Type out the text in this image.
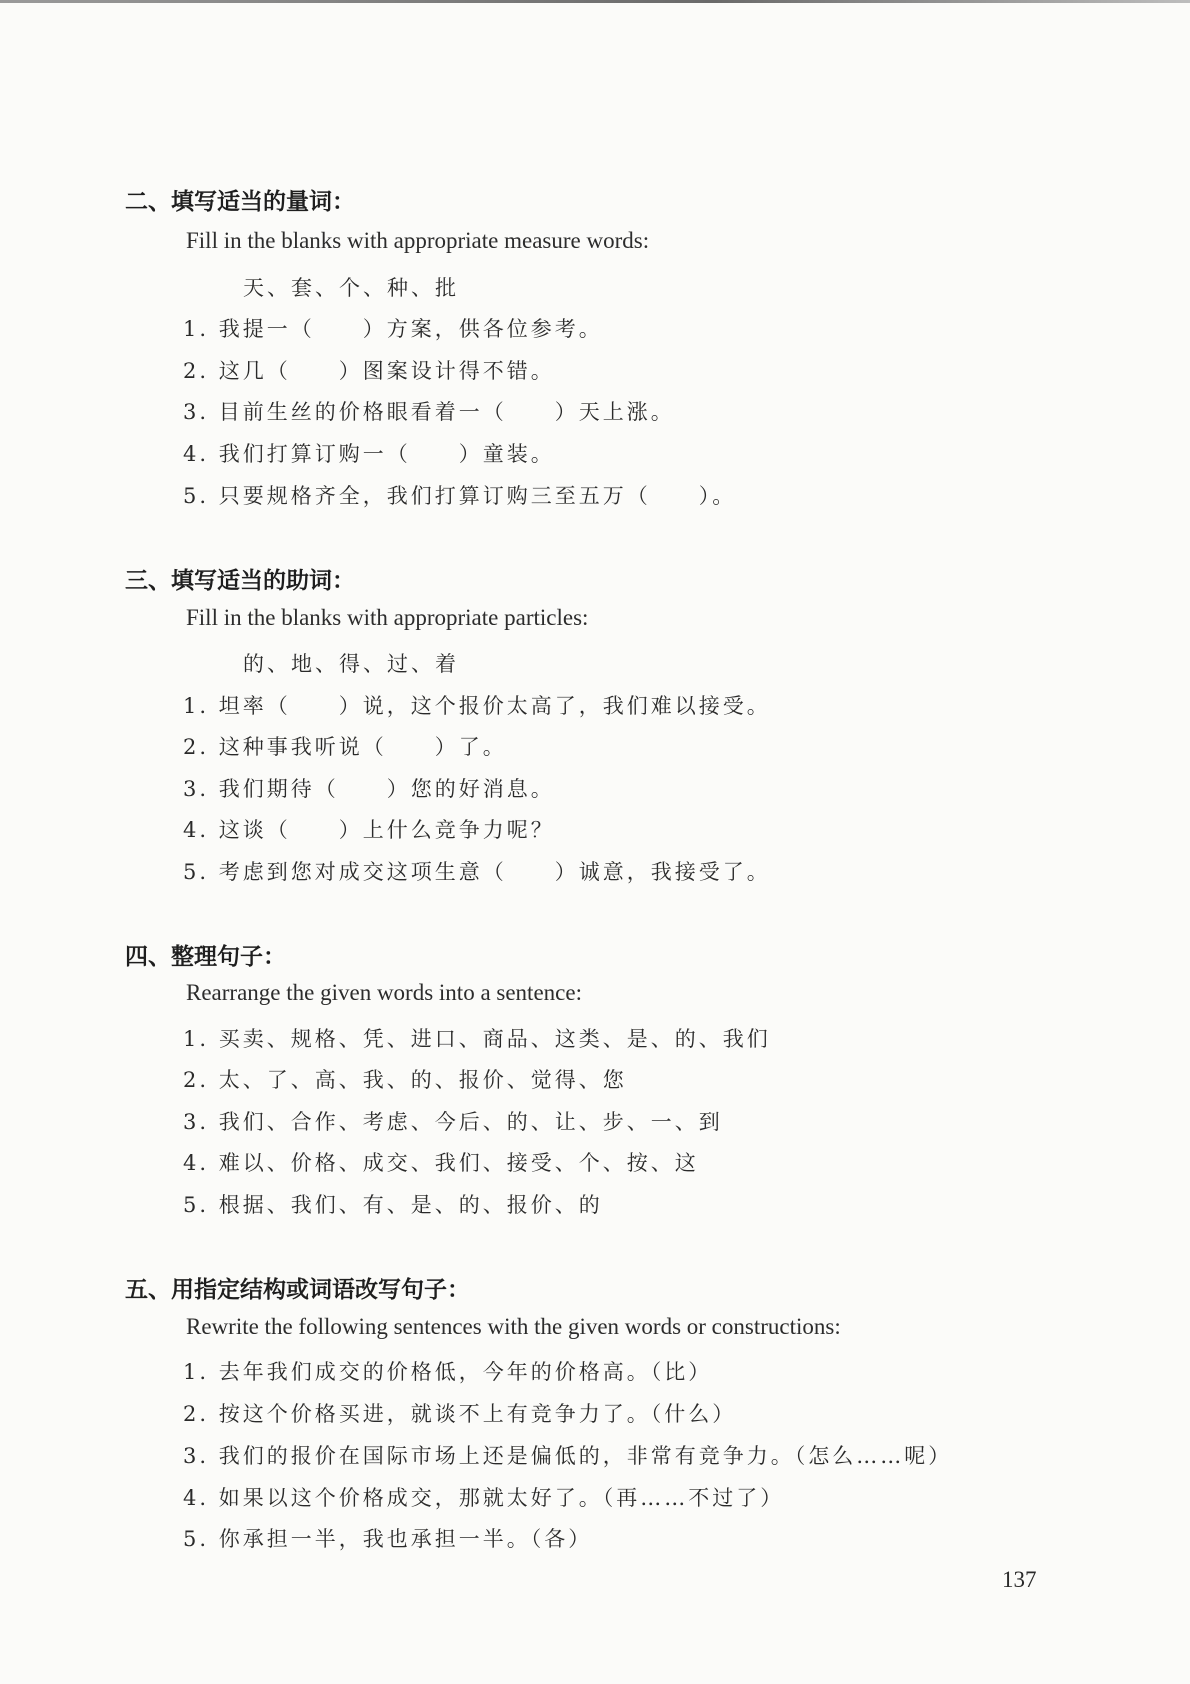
二、填写适当的量词：
Fill in the blanks with appropriate measure words:
天、套、个、种、批
1. 我提一（　　）方案，供各位参考。
2. 这几（　　）图案设计得不错。
3. 目前生丝的价格眼看着一（　　）天上涨。
4. 我们打算订购一（　　）童装。
5. 只要规格齐全，我们打算订购三至五万（　　）。
三、填写适当的助词：
Fill in the blanks with appropriate particles:
的、地、得、过、着
1. 坦率（　　）说，这个报价太高了，我们难以接受。
2. 这种事我听说（　　）了。
3. 我们期待（　　）您的好消息。
4. 这谈（　　）上什么竞争力呢？
5. 考虑到您对成交这项生意（　　）诚意，我接受了。
四、整理句子：
Rearrange the given words into a sentence:
1. 买卖、规格、凭、进口、商品、这类、是、的、我们
2. 太、了、高、我、的、报价、觉得、您
3. 我们、合作、考虑、今后、的、让、步、一、到
4. 难以、价格、成交、我们、接受、个、按、这
5. 根据、我们、有、是、的、报价、的
五、用指定结构或词语改写句子：
Rewrite the following sentences with the given words or constructions:
1. 去年我们成交的价格低，今年的价格高。（比）
2. 按这个价格买进，就谈不上有竞争力了。（什么）
3. 我们的报价在国际市场上还是偏低的，非常有竞争力。（怎么……呢）
4. 如果以这个价格成交，那就太好了。（再……不过了）
5. 你承担一半，我也承担一半。（各）
137
